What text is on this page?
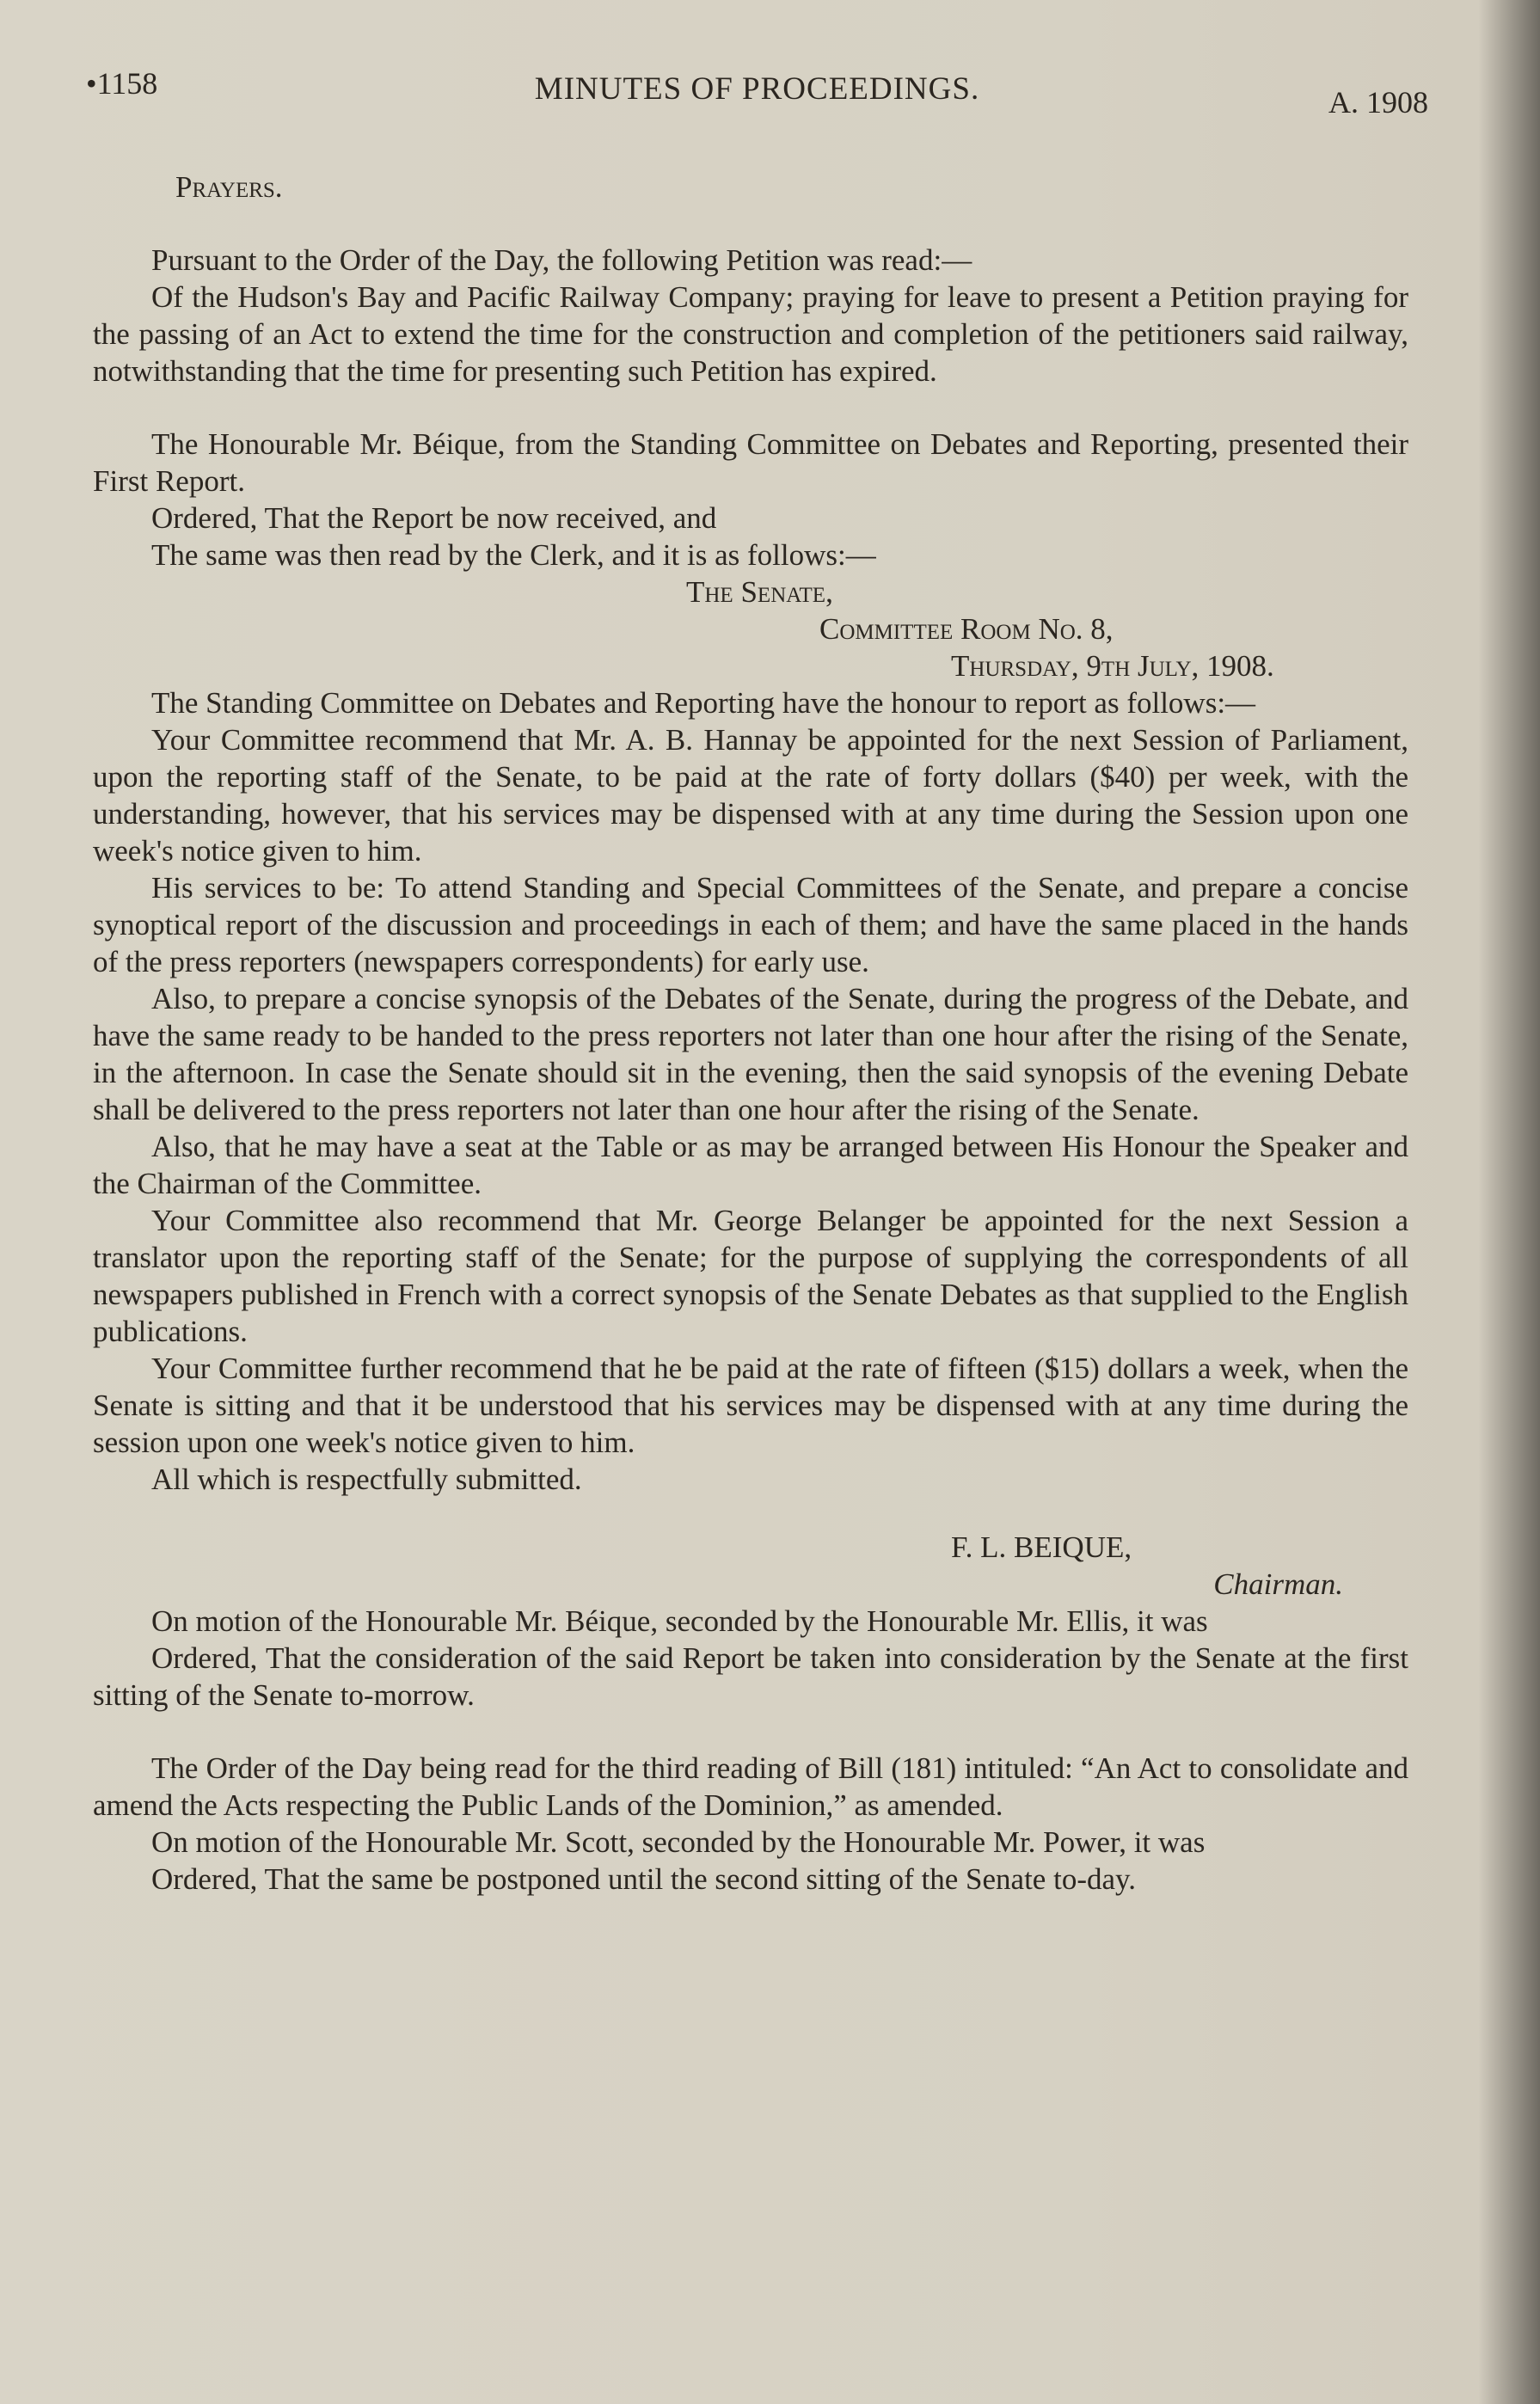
•1158	MINUTES OF PROCEEDINGS.	A. 1908

Prayers.

Pursuant to the Order of the Day, the following Petition was read:—

Of the Hudson's Bay and Pacific Railway Company; praying for leave to present a Petition praying for the passing of an Act to extend the time for the construction and completion of the petitioners said railway, notwithstanding that the time for presenting such Petition has expired.

The Honourable Mr. Béique, from the Standing Committee on Debates and Reporting, presented their First Report.

Ordered, That the Report be now received, and

The same was then read by the Clerk, and it is as follows:—

The Senate,

Committee Room No. 8,

Thursday, 9th July, 1908.

The Standing Committee on Debates and Reporting have the honour to report as follows:—

Your Committee recommend that Mr. A. B. Hannay be appointed for the next Session of Parliament, upon the reporting staff of the Senate, to be paid at the rate of forty dollars ($40) per week, with the understanding, however, that his services may be dispensed with at any time during the Session upon one week's notice given to him.

His services to be: To attend Standing and Special Committees of the Senate, and prepare a concise synoptical report of the discussion and proceedings in each of them; and have the same placed in the hands of the press reporters (newspapers correspondents) for early use.

Also, to prepare a concise synopsis of the Debates of the Senate, during the progress of the Debate, and have the same ready to be handed to the press reporters not later than one hour after the rising of the Senate, in the afternoon. In case the Senate should sit in the evening, then the said synopsis of the evening Debate shall be delivered to the press reporters not later than one hour after the rising of the Senate.

Also, that he may have a seat at the Table or as may be arranged between His Honour the Speaker and the Chairman of the Committee.

Your Committee also recommend that Mr. George Belanger be appointed for the next Session a translator upon the reporting staff of the Senate; for the purpose of supplying the correspondents of all newspapers published in French with a correct synopsis of the Senate Debates as that supplied to the English publications.

Your Committee further recommend that he be paid at the rate of fifteen ($15) dollars a week, when the Senate is sitting and that it be understood that his services may be dispensed with at any time during the session upon one week's notice given to him.

All which is respectfully submitted.

F. L. BEIQUE,

Chairman.

On motion of the Honourable Mr. Béique, seconded by the Honourable Mr. Ellis, it was

Ordered, That the consideration of the said Report be taken into consideration by the Senate at the first sitting of the Senate to-morrow.

The Order of the Day being read for the third reading of Bill (181) intituled: “An Act to consolidate and amend the Acts respecting the Public Lands of the Dominion,” as amended.

On motion of the Honourable Mr. Scott, seconded by the Honourable Mr. Power, it was

Ordered, That the same be postponed until the second sitting of the Senate to-day.
